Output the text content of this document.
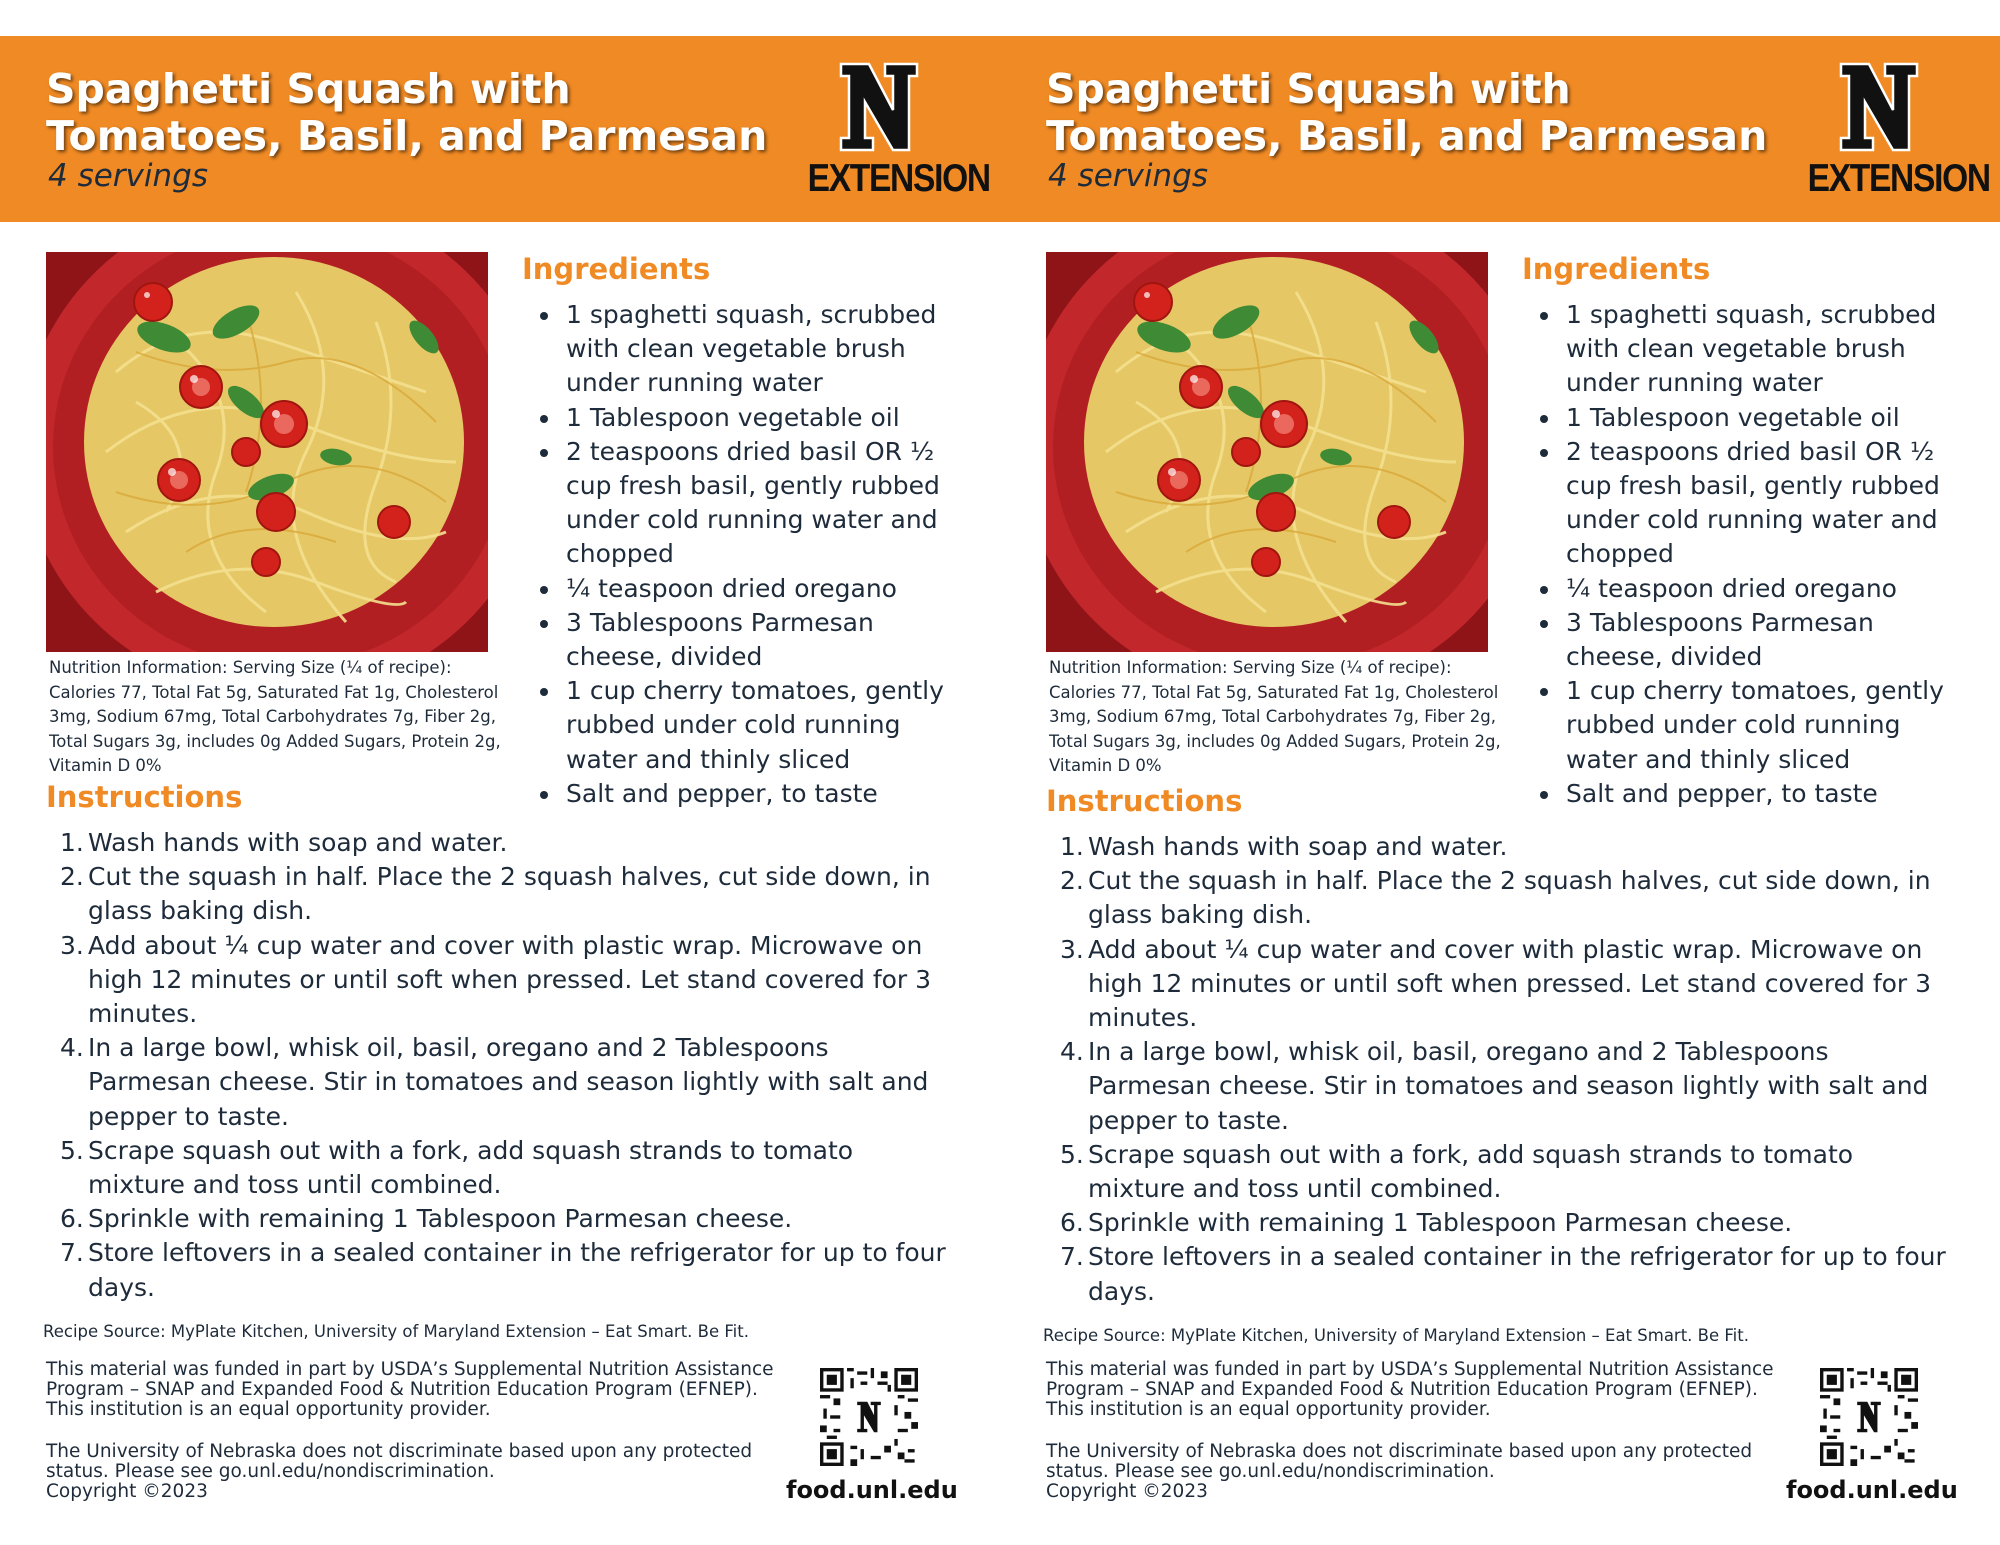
Spaghetti Squash with Tomatoes, Basil, and Parmesan
4 servings	EXTENSION
Nutrition Information: Serving Size (¼ of recipe): Calories 77, Total Fat 5g, Saturated Fat 1g, Cholesterol 3mg, Sodium 67mg, Total Carbohydrates 7g, Fiber 2g, Total Sugars 3g, includes 0g Added Sugars, Protein 2g, Vitamin D 0%
Ingredients
1 spaghetti squash, scrubbed with clean vegetable brush under running water
1 Tablespoon vegetable oil
2 teaspoons dried basil OR ½ cup fresh basil, gently rubbed under cold running water and chopped
¼ teaspoon dried oregano
3 Tablespoons Parmesan cheese, divided
1 cup cherry tomatoes, gently rubbed under cold running water and thinly sliced
Salt and pepper, to taste
Instructions
1. Wash hands with soap and water.
2. Cut the squash in half. Place the 2 squash halves, cut side down, in glass baking dish.
3. Add about ¼ cup water and cover with plastic wrap. Microwave on high 12 minutes or until soft when pressed. Let stand covered for 3 minutes.
4. In a large bowl, whisk oil, basil, oregano and 2 Tablespoons Parmesan cheese. Stir in tomatoes and season lightly with salt and pepper to taste.
5. Scrape squash out with a fork, add squash strands to tomato mixture and toss until combined.
6. Sprinkle with remaining 1 Tablespoon Parmesan cheese.
7. Store leftovers in a sealed container in the refrigerator for up to four days.
Recipe Source: MyPlate Kitchen, University of Maryland Extension – Eat Smart. Be Fit.
This material was funded in part by USDA’s Supplemental Nutrition Assistance Program – SNAP and Expanded Food & Nutrition Education Program (EFNEP). This institution is an equal opportunity provider.
The University of Nebraska does not discriminate based upon any protected status. Please see go.unl.edu/nondiscrimination.
Copyright ©2023	food.unl.edu
Spaghetti Squash with Tomatoes, Basil, and Parmesan
4 servings	EXTENSION
Nutrition Information: Serving Size (¼ of recipe): Calories 77, Total Fat 5g, Saturated Fat 1g, Cholesterol 3mg, Sodium 67mg, Total Carbohydrates 7g, Fiber 2g, Total Sugars 3g, includes 0g Added Sugars, Protein 2g, Vitamin D 0%
Ingredients
1 spaghetti squash, scrubbed with clean vegetable brush under running water
1 Tablespoon vegetable oil
2 teaspoons dried basil OR ½ cup fresh basil, gently rubbed under cold running water and chopped
¼ teaspoon dried oregano
3 Tablespoons Parmesan cheese, divided
1 cup cherry tomatoes, gently rubbed under cold running water and thinly sliced
Salt and pepper, to taste
Instructions
1. Wash hands with soap and water.
2. Cut the squash in half. Place the 2 squash halves, cut side down, in glass baking dish.
3. Add about ¼ cup water and cover with plastic wrap. Microwave on high 12 minutes or until soft when pressed. Let stand covered for 3 minutes.
4. In a large bowl, whisk oil, basil, oregano and 2 Tablespoons Parmesan cheese. Stir in tomatoes and season lightly with salt and pepper to taste.
5. Scrape squash out with a fork, add squash strands to tomato mixture and toss until combined.
6. Sprinkle with remaining 1 Tablespoon Parmesan cheese.
7. Store leftovers in a sealed container in the refrigerator for up to four days.
Recipe Source: MyPlate Kitchen, University of Maryland Extension – Eat Smart. Be Fit.
This material was funded in part by USDA’s Supplemental Nutrition Assistance Program – SNAP and Expanded Food & Nutrition Education Program (EFNEP). This institution is an equal opportunity provider.
The University of Nebraska does not discriminate based upon any protected status. Please see go.unl.edu/nondiscrimination.
Copyright ©2023	food.unl.edu
